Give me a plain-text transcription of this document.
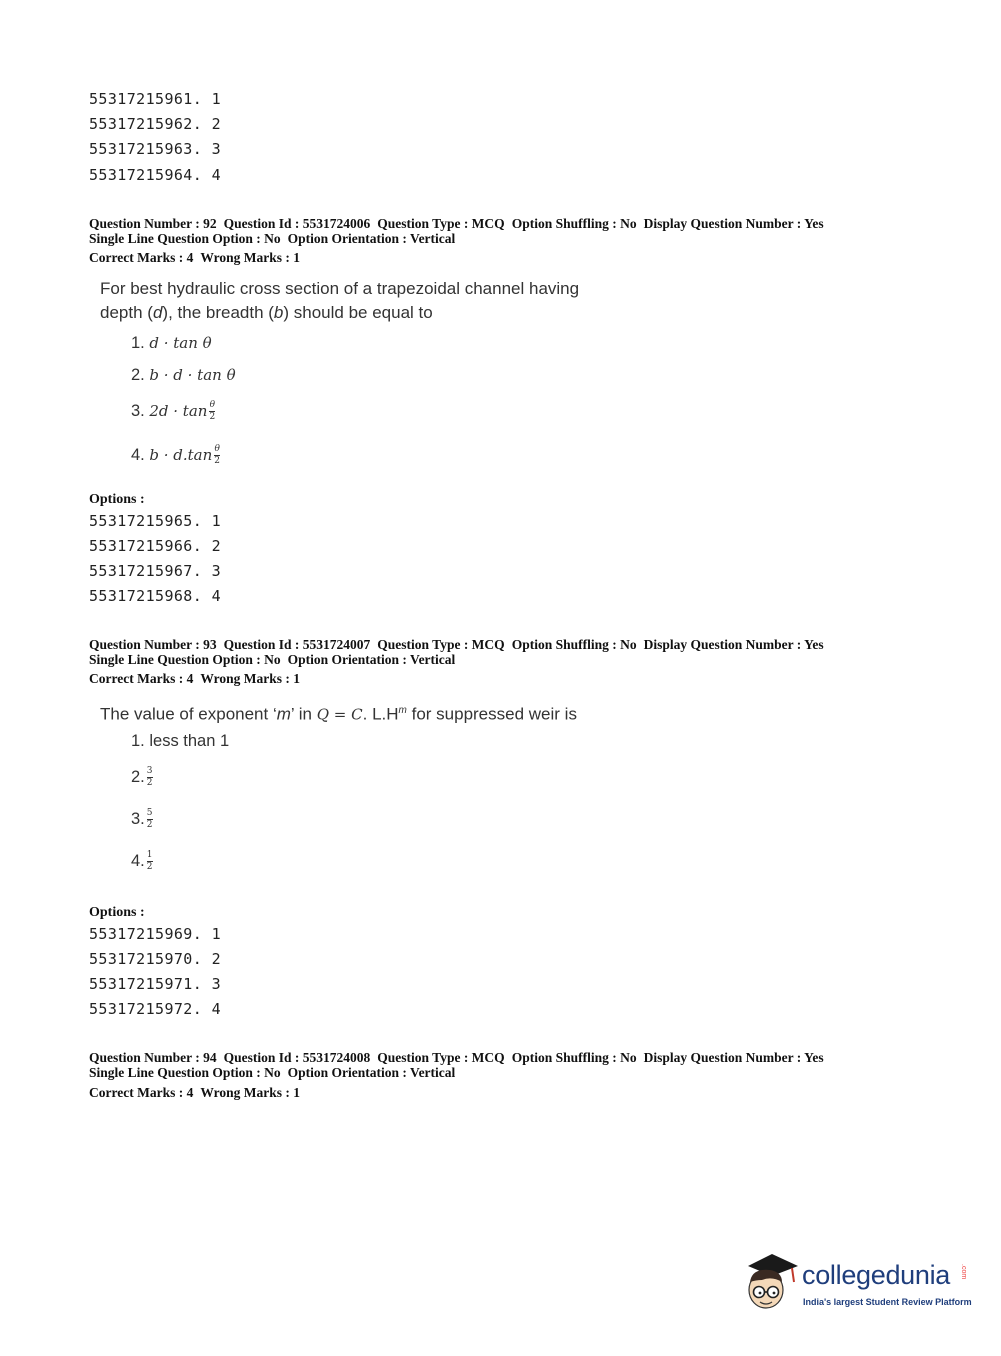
55317215961. 1
55317215962. 2
55317215963. 3
55317215964. 4
Question Number : 92 Question Id : 5531724006 Question Type : MCQ Option Shuffling : No Display Question Number : Yes
Single Line Question Option : No Option Orientation : Vertical
Correct Marks : 4 Wrong Marks : 1
For best hydraulic cross section of a trapezoidal channel having
depth (d), the breadth (b) should be equal to
1. d · tan θ
2. b · d · tan θ
3. $2d \cdot \tan \frac{\theta}{2}$
4. $b \cdot d.\tan \frac{\theta}{2}$
Options :
55317215965. 1
55317215966. 2
55317215967. 3
55317215968. 4
Question Number : 93 Question Id : 5531724007 Question Type : MCQ Option Shuffling : No Display Question Number : Yes
Single Line Question Option : No Option Orientation : Vertical
Correct Marks : 4 Wrong Marks : 1
The value of exponent ‘m’ in Q = C. $L.H^m$ for suppressed weir is
1. less than 1
2. $\frac{3}{2}$
3. $\frac{5}{2}$
4. $\frac{1}{2}$
Options :
55317215969. 1
55317215970. 2
55317215971. 3
55317215972. 4
Question Number : 94 Question Id : 5531724008 Question Type : MCQ Option Shuffling : No Display Question Number : Yes
Single Line Question Option : No Option Orientation : Vertical
Correct Marks : 4 Wrong Marks : 1
collegedunia .com
India's largest Student Review Platform
